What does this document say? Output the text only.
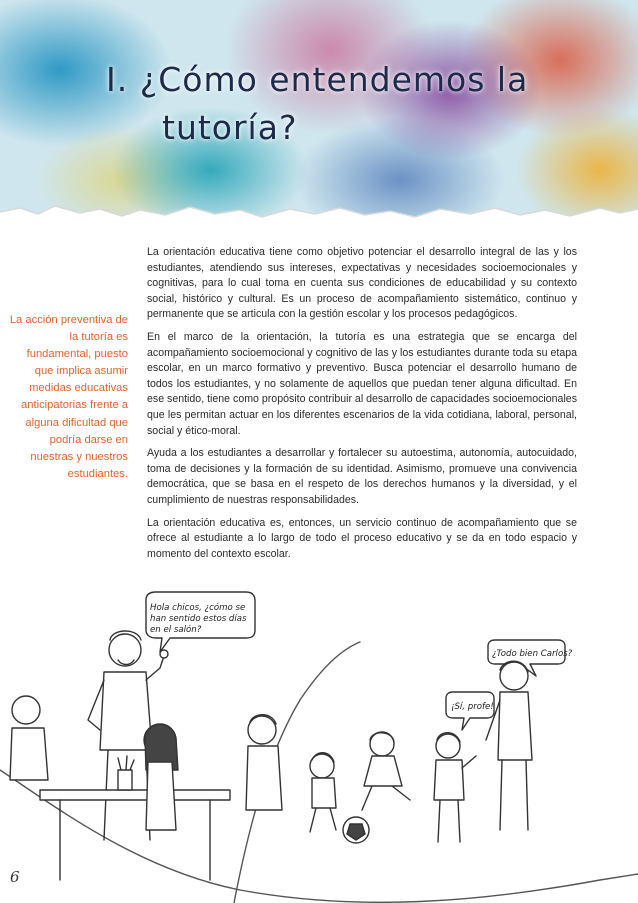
I. ¿Cómo entendemos la
tutoría?
La acción preventiva de la tutoría es fundamental, puesto que implica asumir medidas educativas anticipatorias frente a alguna dificultad que podría darse en nuestras y nuestros estudiantes.

La orientación educativa tiene como objetivo potenciar el desarrollo integral de las y los estudiantes, atendiendo sus intereses, expectativas y necesidades socioemocionales y cognitivas, para lo cual toma en cuenta sus condiciones de educabilidad y su contexto social, histórico y cultural. Es un proceso de acompañamiento sistemático, continuo y permanente que se articula con la gestión escolar y los procesos pedagógicos.

En el marco de la orientación, la tutoría es una estrategia que se encarga del acompañamiento socioemocional y cognitivo de las y los estudiantes durante toda su etapa escolar, en un marco formativo y preventivo. Busca potenciar el desarrollo humano de todos los estudiantes, y no solamente de aquellos que puedan tener alguna dificultad. En ese sentido, tiene como propósito contribuir al desarrollo de capacidades socioemocionales que les permitan actuar en los diferentes escenarios de la vida cotidiana, laboral, personal, social y ético-moral.

Ayuda a los estudiantes a desarrollar y fortalecer su autoestima, autonomía, autocuidado, toma de decisiones y la formación de su identidad. Asimismo, promueve una convivencia democrática, que se basa en el respeto de los derechos humanos y la diversidad, y el cumplimiento de nuestras responsabilidades.

La orientación educativa es, entonces, un servicio continuo de acompañamiento que se ofrece al estudiante a lo largo de todo el proceso educativo y se da en todo espacio y momento del contexto escolar.

Hola chicos, ¿cómo se han sentido estos días en el salón?
¿Todo bien Carlos?
¡Sí, profe!
6
